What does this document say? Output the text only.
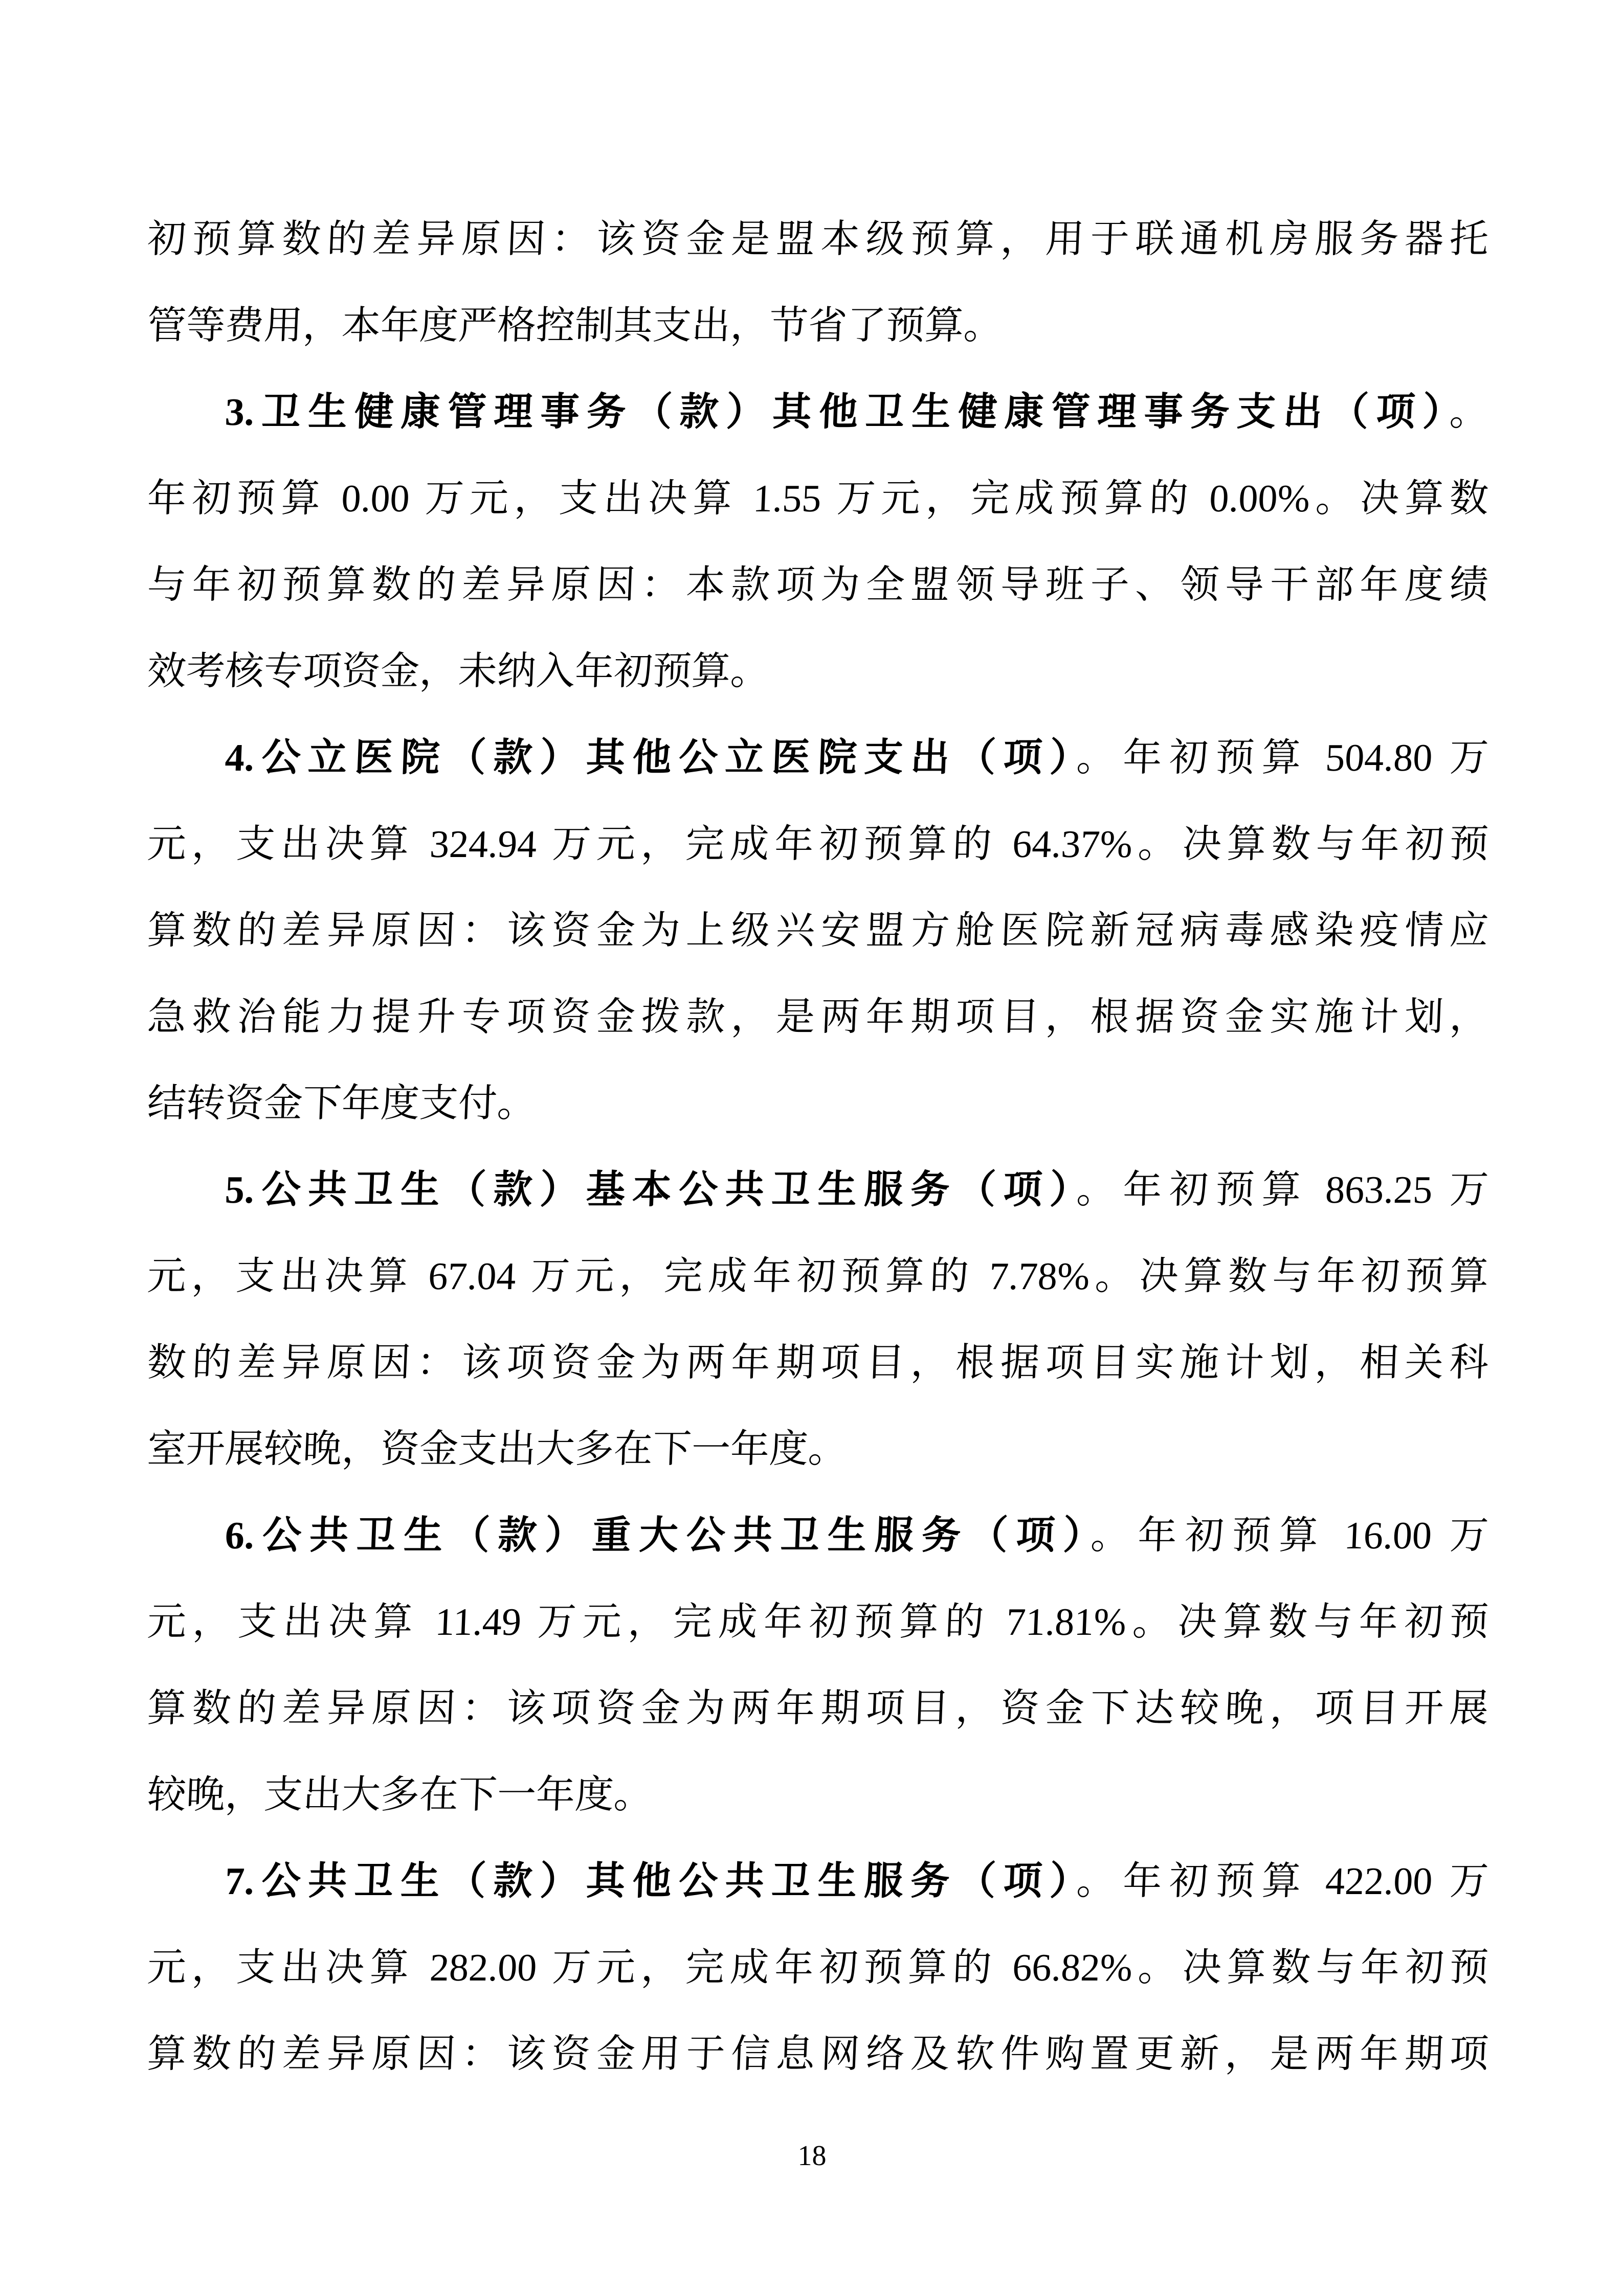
初预算数的差异原因：该资金是盟本级预算，用于联通机房服务器托
管等费用，本年度严格控制其支出，节省了预算。
3.卫生健康管理事务（款）其他卫生健康管理事务支出（项）。
年初预算 0.00 万元，支出决算 1.55 万元，完成预算的 0.00%。决算数
与年初预算数的差异原因：本款项为全盟领导班子、领导干部年度绩
效考核专项资金，未纳入年初预算。
4.公立医院（款）其他公立医院支出（项）。年初预算 504.80 万
元，支出决算 324.94 万元，完成年初预算的 64.37%。决算数与年初预
算数的差异原因：该资金为上级兴安盟方舱医院新冠病毒感染疫情应
急救治能力提升专项资金拨款，是两年期项目，根据资金实施计划，
结转资金下年度支付。
5.公共卫生（款）基本公共卫生服务（项）。年初预算 863.25 万
元，支出决算 67.04 万元，完成年初预算的 7.78%。决算数与年初预算
数的差异原因：该项资金为两年期项目，根据项目实施计划，相关科
室开展较晚，资金支出大多在下一年度。
6.公共卫生（款）重大公共卫生服务（项）。年初预算 16.00 万
元，支出决算 11.49 万元，完成年初预算的 71.81%。决算数与年初预
算数的差异原因：该项资金为两年期项目，资金下达较晚，项目开展
较晚，支出大多在下一年度。
7.公共卫生（款）其他公共卫生服务（项）。年初预算 422.00 万
元，支出决算 282.00 万元，完成年初预算的 66.82%。决算数与年初预
算数的差异原因：该资金用于信息网络及软件购置更新，是两年期项
18
